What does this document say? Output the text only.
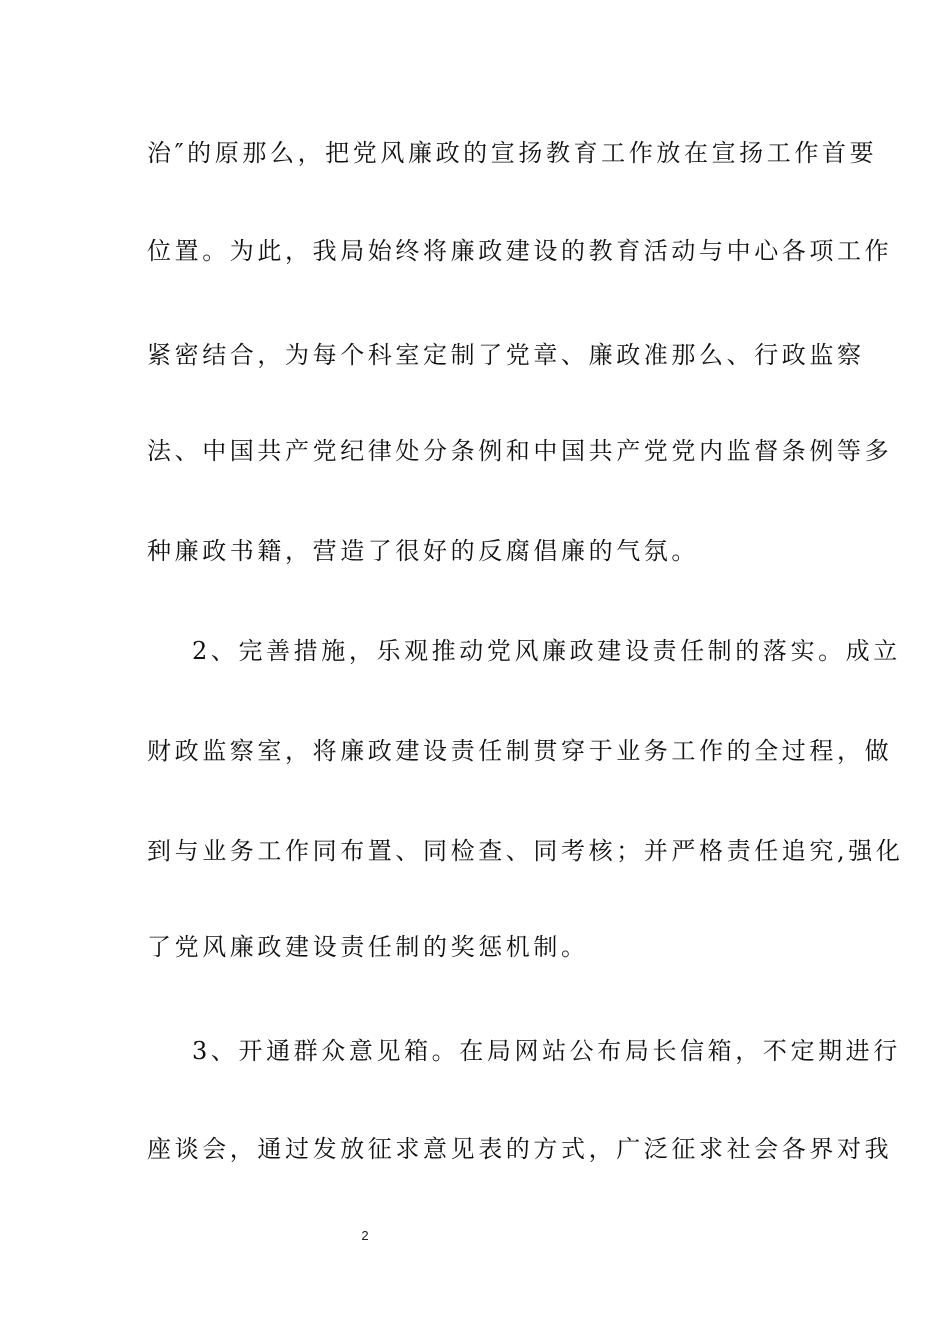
治″的原那么，把党风廉政的宣扬教育工作放在宣扬工作首要
位置。为此，我局始终将廉政建设的教育活动与中心各项工作
紧密结合，为每个科室定制了党章、廉政准那么、行政监察
法、中国共产党纪律处分条例和中国共产党党内监督条例等多
种廉政书籍，营造了很好的反腐倡廉的气氛。
2、完善措施，乐观推动党风廉政建设责任制的落实。成立
财政监察室，将廉政建设责任制贯穿于业务工作的全过程，做
到与业务工作同布置、同检查、同考核；并严格责任追究,强化
了党风廉政建设责任制的奖惩机制。
3、开通群众意见箱。在局网站公布局长信箱，不定期进行
座谈会，通过发放征求意见表的方式，广泛征求社会各界对我
2
